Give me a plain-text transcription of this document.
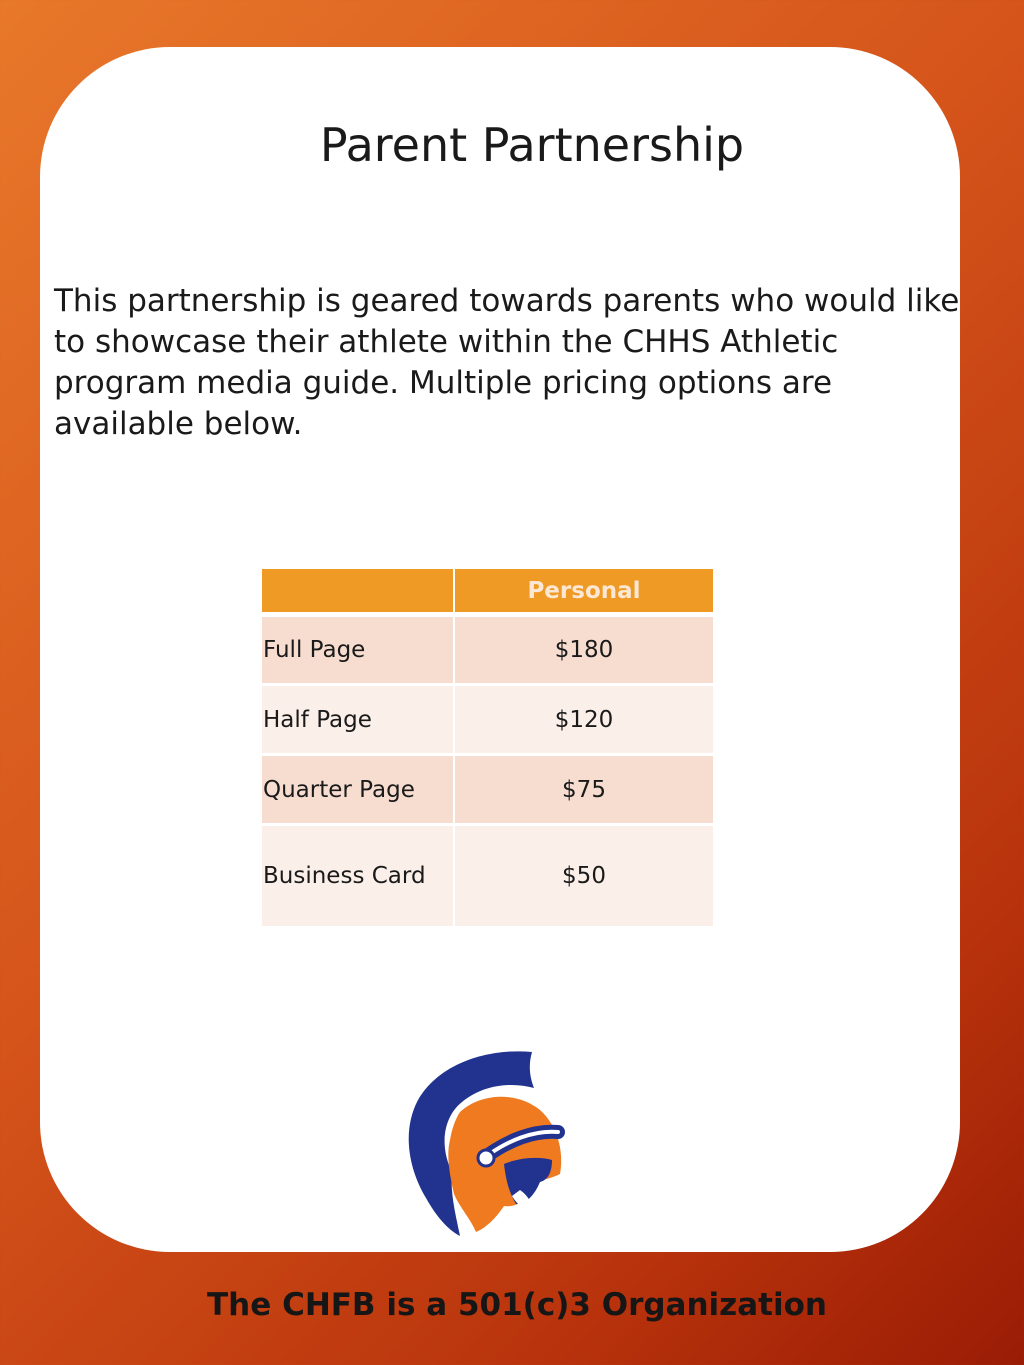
Parent Partnership

This partnership is geared towards parents who would like to showcase their athlete within the CHHS Athletic program media guide. Multiple pricing options are available below.

	Personal
Full Page	$180
Half Page	$120
Quarter Page	$75
Business Card	$50

The CHFB is a 501(c)3 Organization
